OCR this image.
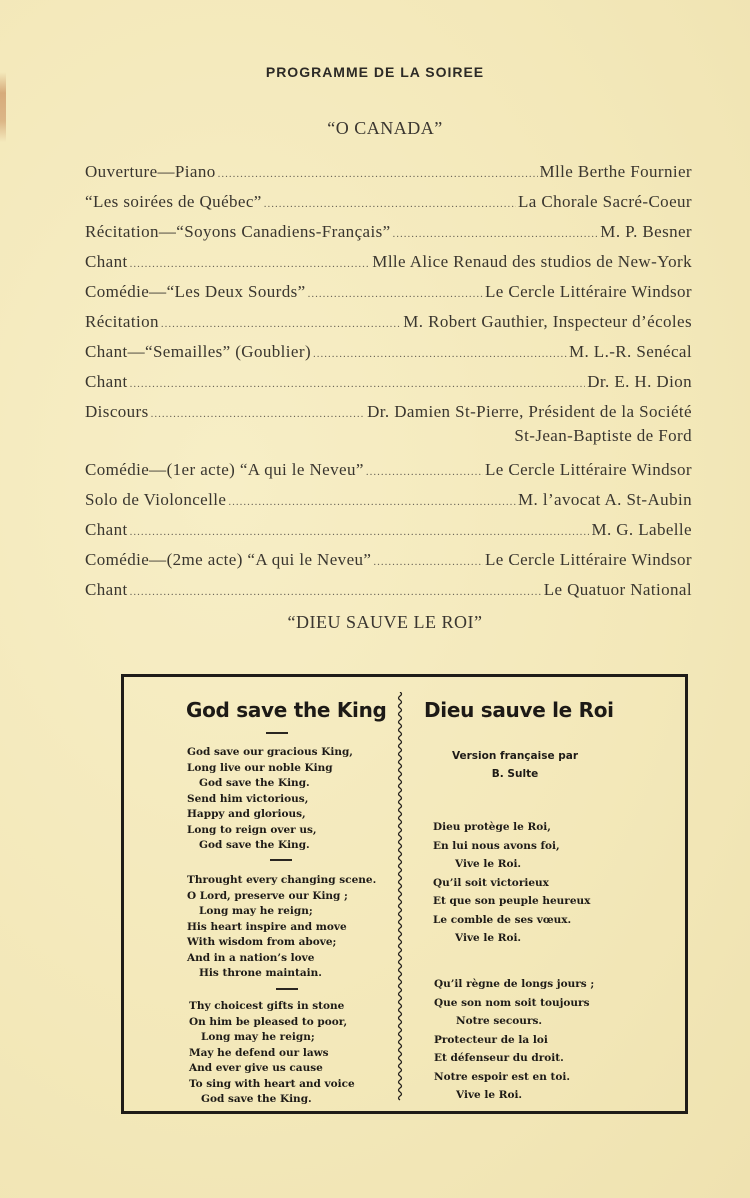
PROGRAMME DE LA SOIREE
“O CANADA”
Ouverture—Piano .....	Mlle Berthe Fournier
“Les soirées de Québec” .....	La Chorale Sacré-Coeur
Récitation—“Soyons Canadiens-Français” .....	M. P. Besner
Chant .....	Mlle Alice Renaud des studios de New-York
Comédie—“Les Deux Sourds” .....	Le Cercle Littéraire Windsor
Récitation .....	M. Robert Gauthier, Inspecteur d’écoles
Chant—“Semailles” (Goublier) .....	M. L.-R. Senécal
Chant .....	Dr. E. H. Dion
Discours .....	Dr. Damien St-Pierre, Président de la Société
St-Jean-Baptiste de Ford
Comédie—(1er acte) “A qui le Neveu” .....	Le Cercle Littéraire Windsor
Solo de Violoncelle .....	M. l’avocat A. St-Aubin
Chant .....	M. G. Labelle
Comédie—(2me acte) “A qui le Neveu” .....	Le Cercle Littéraire Windsor
Chant .....	Le Quatuor National
“DIEU SAUVE LE ROI”
God save the King
God save our gracious King,
Long live our noble King
God save the King.
Send him victorious,
Happy and glorious,
Long to reign over us,
God save the King.
Throught every changing scene.
O Lord, preserve our King ;
Long may he reign;
His heart inspire and move
With wisdom from above;
And in a nation’s love
His throne maintain.
Thy choicest gifts in stone
On him be pleased to poor,
Long may he reign;
May he defend our laws
And ever give us cause
To sing with heart and voice
God save the King.
Dieu sauve le Roi
Version française par
B. Sulte
Dieu protège le Roi,
En lui nous avons foi,
Vive le Roi.
Qu’il soit victorieux
Et que son peuple heureux
Le comble de ses vœux.
Vive le Roi.
Qu’il règne de longs jours ;
Que son nom soit toujours
Notre secours.
Protecteur de la loi
Et défenseur du droit.
Notre espoir est en toi.
Vive le Roi.
